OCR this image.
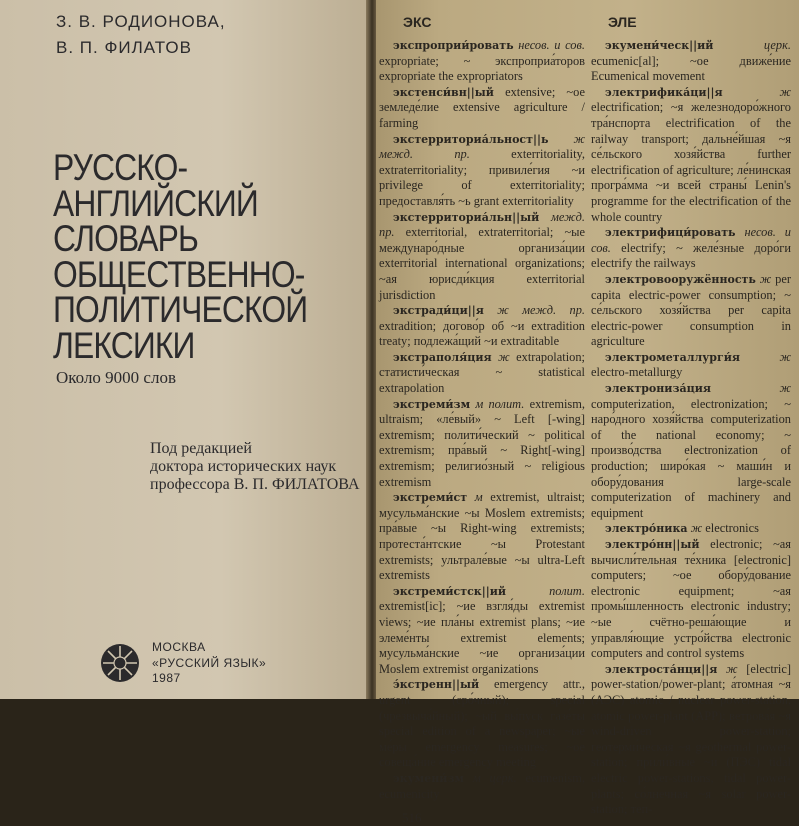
З. В. РОДИОНОВА,
В. П. ФИЛАТОВ
РУССКО-
АНГЛИЙСКИЙ
СЛОВАРЬ
ОБЩЕСТВЕННО-
ПОЛИТИЧЕСКОЙ
ЛЕКСИКИ
Около 9000 слов
Под редакцией
доктора исторических наук
профессора В. П. ФИЛАТОВА
МОСКВА
«РУССКИЙ ЯЗЫК»
1987
ЭКС	ЭЛЕ

экспроприи́ровать несов. и сов. expropriate; ~ экспроприа́торов expropriate the expropriators

экстенси́вн||ый extensive; ~ое земледе́лие extensive agriculture / farming

экстерриториа́льност||ь ж межд. пр.	exterritoriality, extraterritoriality; привиле́гия ~и privilege of exterritoriality; предоставля́ть ~ь grant exterritoriality

экстерриториа́льн||ый межд. пр. exterritorial, extraterritorial; ~ые междунаро́дные организа́ции exterritorial international organizations; ~ая юрисди́кция exterritorial jurisdiction

экстради́ци||я ж межд. пр. extradition; догово́р об ~и extradition treaty; подлежа́щий ~и extraditable

экстраполя́ция ж extrapolation; статисти́ческая ~ statistical extrapolation

экстреми́зм м полит. extremism, ultraism; «ле́вый» ~ Left [-wing] extremism; полити́ческий ~ political extremism; пра́вый ~ Right[-wing] extremism; религио́зный ~ religious extremism

экстреми́ст м extremist, ultraist; мусульма́нские ~ы Moslem extremists; пра́вые ~ы Right-wing extremists; протеста́нтские ~ы Protestant extremists; ультрале́вые ~ы ultra-Left extremists

экстреми́стск||ий	полит. extremist[ic]; ~ие взгля́ды extremist views; ~ие пла́ны extremist plans; ~ие элеме́нты extremist elements; мусульма́нские ~ие организа́ции Moslem extremist organizations

э́кстренн||ый emergency attr., urgent (сро́чный); special (чрезвыча́йный); ~ый вы́пуск газе́ты special edition of a newspaper; ~ые ме́ры emergency measures; ~ое совеща́ние emergency meeting

экумени́зм м церк. ecumenism, ecumenicity

516

экумени́ческ||ий	церк. ecumenic[al]; ~ое движе́ние Ecumenical movement

электрифика́ци||я	ж electrification; ~я железнодоро́жного тра́нспорта electrification of the railway transport; дальне́йшая ~я се́льского хозя́йства further electrification of agriculture; ле́нинская програ́мма ~и всей страны́ Lenin's programme for the electrification of the whole country

электрифици́ровать несов. и сов. electrify; ~ желе́зные доро́ги electrify the railways

электровооружённость ж per capita electric-power consumption; ~ се́льского хозя́йства per capita electric-power consumption in agriculture

электрометаллурги́я	ж electro-metallurgy

электрониза́ция	ж computerization, electronization; ~ наро́дного хозя́йства computerization of the national economy; ~ произво́дства electronization of production; широ́кая ~ маши́н и обору́дования large-scale computerization of machinery and equipment

электро́ника ж electronics

электро́нн||ый electronic; ~ая вычисли́тельная те́хника [electronic] computers; ~ое обору́дование electronic equipment; ~ая промы́шленность electronic industry; ~ые счётно-реша́ющие и управля́ющие устро́йства electronic computers and control systems

электроста́нци||я ж [electric] power-station/power-plant; а́томная ~я (АЭС) atomic / nuclear power-station, atomic power-plant (APP); ветрова́я ~я wind-driven power-station; геотерми́ческая ~я geothermal power-station; прили́вные ~и (ПЭС) tidal electric power-stations, tidal power-plants; со́лнечная ~я solar power-station; теп-
